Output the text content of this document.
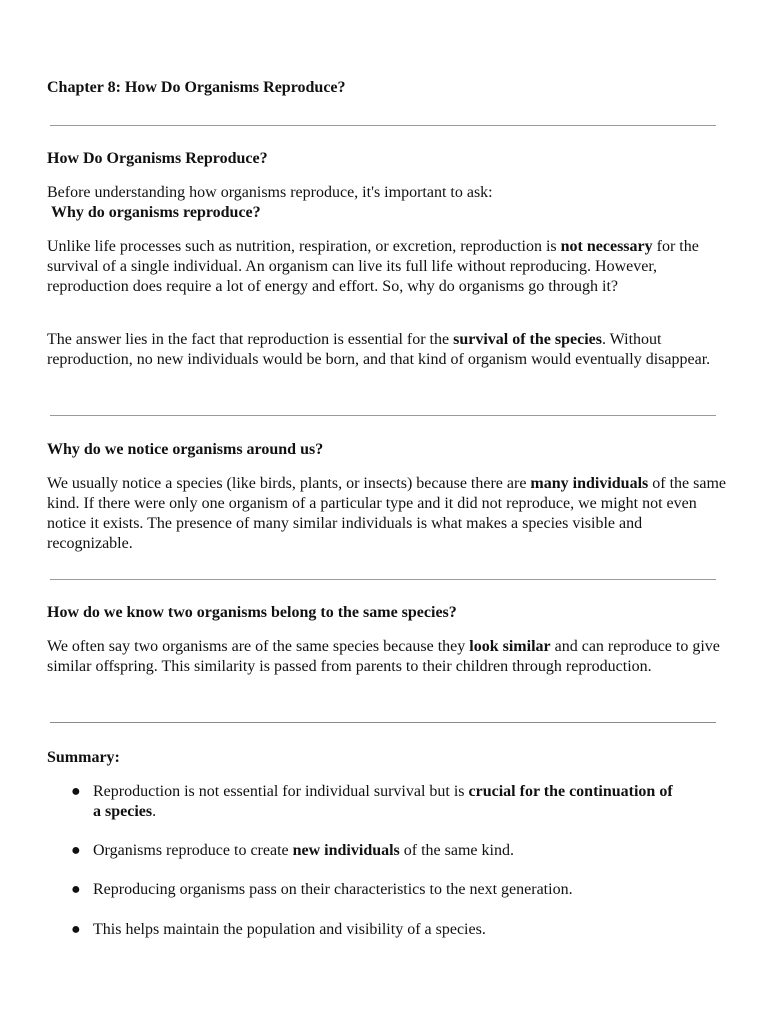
Chapter 8: How Do Organisms Reproduce?
How Do Organisms Reproduce?

Before understanding how organisms reproduce, it's important to ask:
Why do organisms reproduce?

Unlike life processes such as nutrition, respiration, or excretion, reproduction is not necessary for the survival of a single individual. An organism can live its full life without reproducing. However, reproduction does require a lot of energy and effort. So, why do organisms go through it?

The answer lies in the fact that reproduction is essential for the survival of the species. Without reproduction, no new individuals would be born, and that kind of organism would eventually disappear.

Why do we notice organisms around us?

We usually notice a species (like birds, plants, or insects) because there are many individuals of the same kind. If there were only one organism of a particular type and it did not reproduce, we might not even notice it exists. The presence of many similar individuals is what makes a species visible and recognizable.

How do we know two organisms belong to the same species?

We often say two organisms are of the same species because they look similar and can reproduce to give similar offspring. This similarity is passed from parents to their children through reproduction.

Summary:
● Reproduction is not essential for individual survival but is crucial for the continuation of a species.
● Organisms reproduce to create new individuals of the same kind.
● Reproducing organisms pass on their characteristics to the next generation.
● This helps maintain the population and visibility of a species.
